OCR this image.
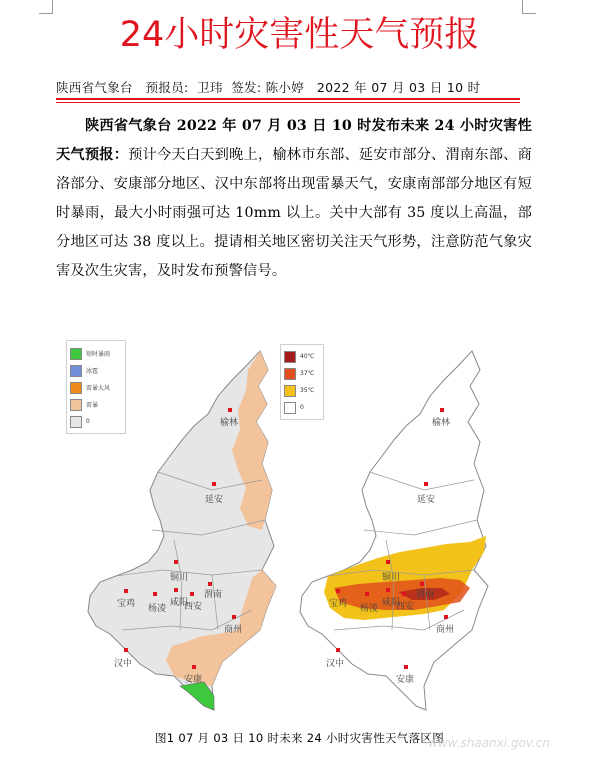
24小时灾害性天气预报
陕西省气象台   预报员:  卫玮  签发: 陈小婷   2022 年 07 月 03 日 10 时

陕西省气象台 2022 年 07 月 03 日 10 时发布未来 24 小时灾害性天气预报：预计今天白天到晚上，榆林市东部、延安市部分、渭南东部、商洛部分、安康部分地区、汉中东部将出现雷暴天气，安康南部部分地区有短时暴雨，最大小时雨强可达 10mm 以上。关中大部有 35 度以上高温，部分地区可达 38 度以上。提请相关地区密切关注天气形势，注意防范气象灾害及次生灾害，及时发布预警信号。

榆林
延安
铜川
渭南
宝鸡 杨凌
咸阳
西安
商州
汉中
安康
榆林
延安
铜川
渭南
宝鸡 杨凌
咸阳
西安
商州
汉中
安康
短时暴雨
冰雹
雷暴大风
雷暴
0
40℃
37℃
35℃
0
图1 07 月 03 日 10 时未来 24 小时灾害性天气落区图
www.shaanxi.gov.cn
